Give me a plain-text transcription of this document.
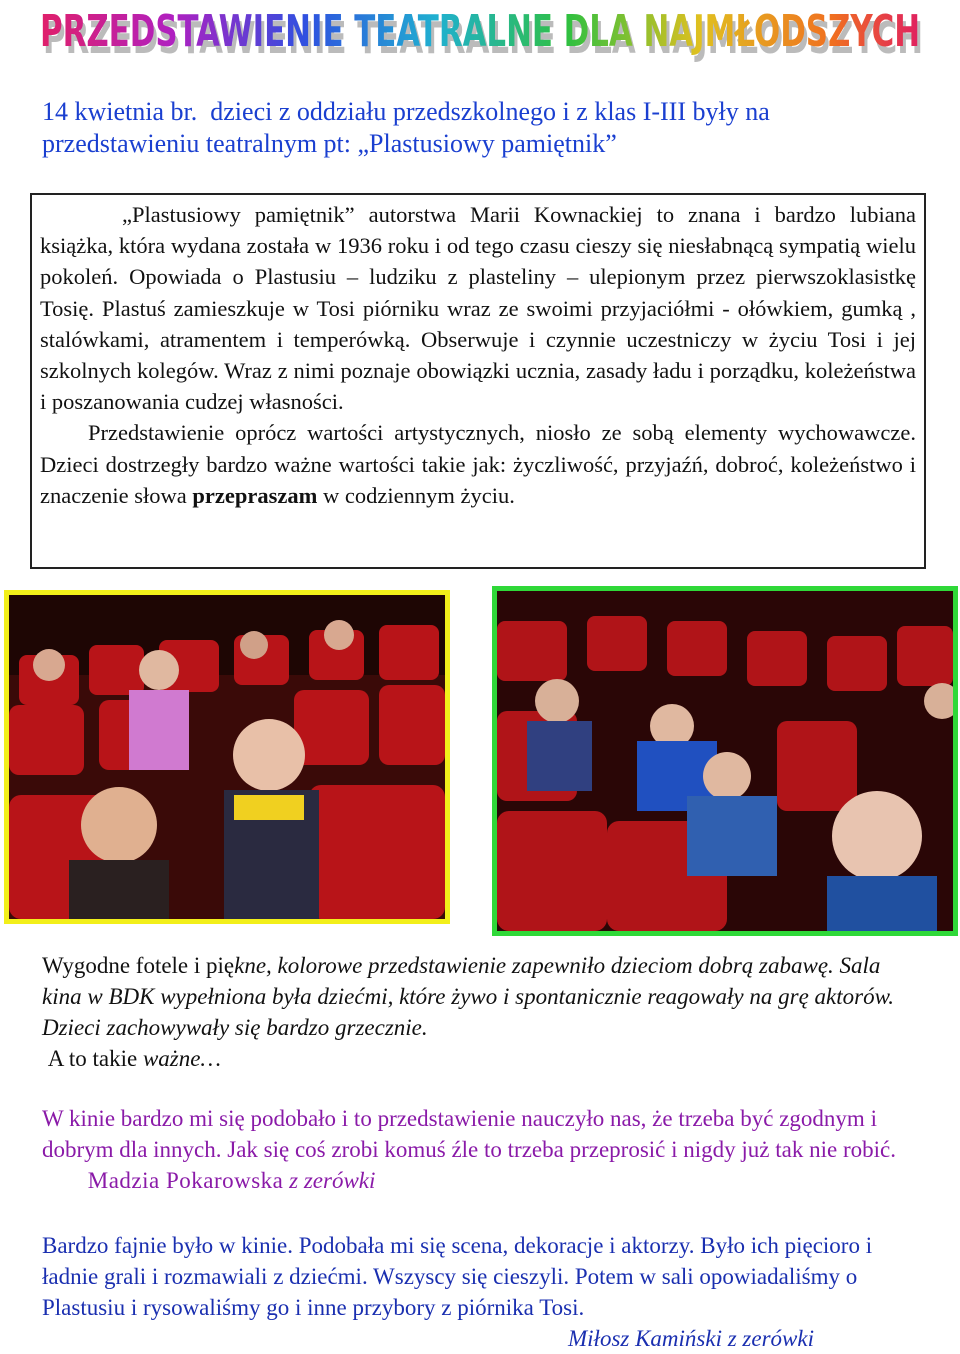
PRZEDSTAWIENIE TEATRALNE DLA NAJMŁODSZYCH
PRZEDSTAWIENIE TEATRALNE DLA NAJMŁODSZYCH
14 kwietnia br. dzieci z oddziału przedszkolnego i z klas I-III były na przedstawieniu teatralnym pt: „Plastusiowy pamiętnik”

„Plastusiowy pamiętnik” autorstwa Marii Kownackiej to znana i bardzo lubiana książka, która wydana została w 1936 roku i od tego czasu cieszy się niesłabnącą sympatią wielu pokoleń. Opowiada o Plastusiu – ludziku z plasteliny – ulepionym przez pierwszoklasistkę Tosię. Plastuś zamieszkuje w Tosi piórniku wraz ze swoimi przyjaciółmi - ołówkiem, gumką , stalówkami, atramentem i temperówką. Obserwuje i czynnie uczestniczy w życiu Tosi i jej szkolnych kolegów. Wraz z nimi poznaje obowiązki ucznia, zasady ładu i porządku, koleżeństwa i poszanowania cudzej własności.

Przedstawienie oprócz wartości artystycznych, niosło ze sobą elementy wychowawcze. Dzieci dostrzegły bardzo ważne wartości takie jak: życzliwość, przyjaźń, dobroć, koleżeństwo i znaczenie słowa przepraszam w codziennym życiu.

Wygodne fotele i piękne, kolorowe przedstawienie zapewniło dzieciom dobrą zabawę. Sala kina w BDK wypełniona była dziećmi, które żywo i spontanicznie reagowały na grę aktorów. Dzieci zachowywały się bardzo grzecznie.
A to takie ważne…
W kinie bardzo mi się podobało i to przedstawienie nauczyło nas, że trzeba być zgodnym i dobrym dla innych. Jak się coś zrobi komuś źle to trzeba przeprosić i nigdy już tak nie robić.  Madzia Pokarowska z zerówki
Bardzo fajnie było w kinie. Podobała mi się scena, dekoracje i aktorzy. Było ich pięcioro i ładnie grali i rozmawiali z dziećmi. Wszyscy się cieszyli. Potem w sali opowiadaliśmy o Plastusiu i rysowaliśmy go i inne przybory z piórnika Tosi.
Miłosz Kamiński z zerówki
